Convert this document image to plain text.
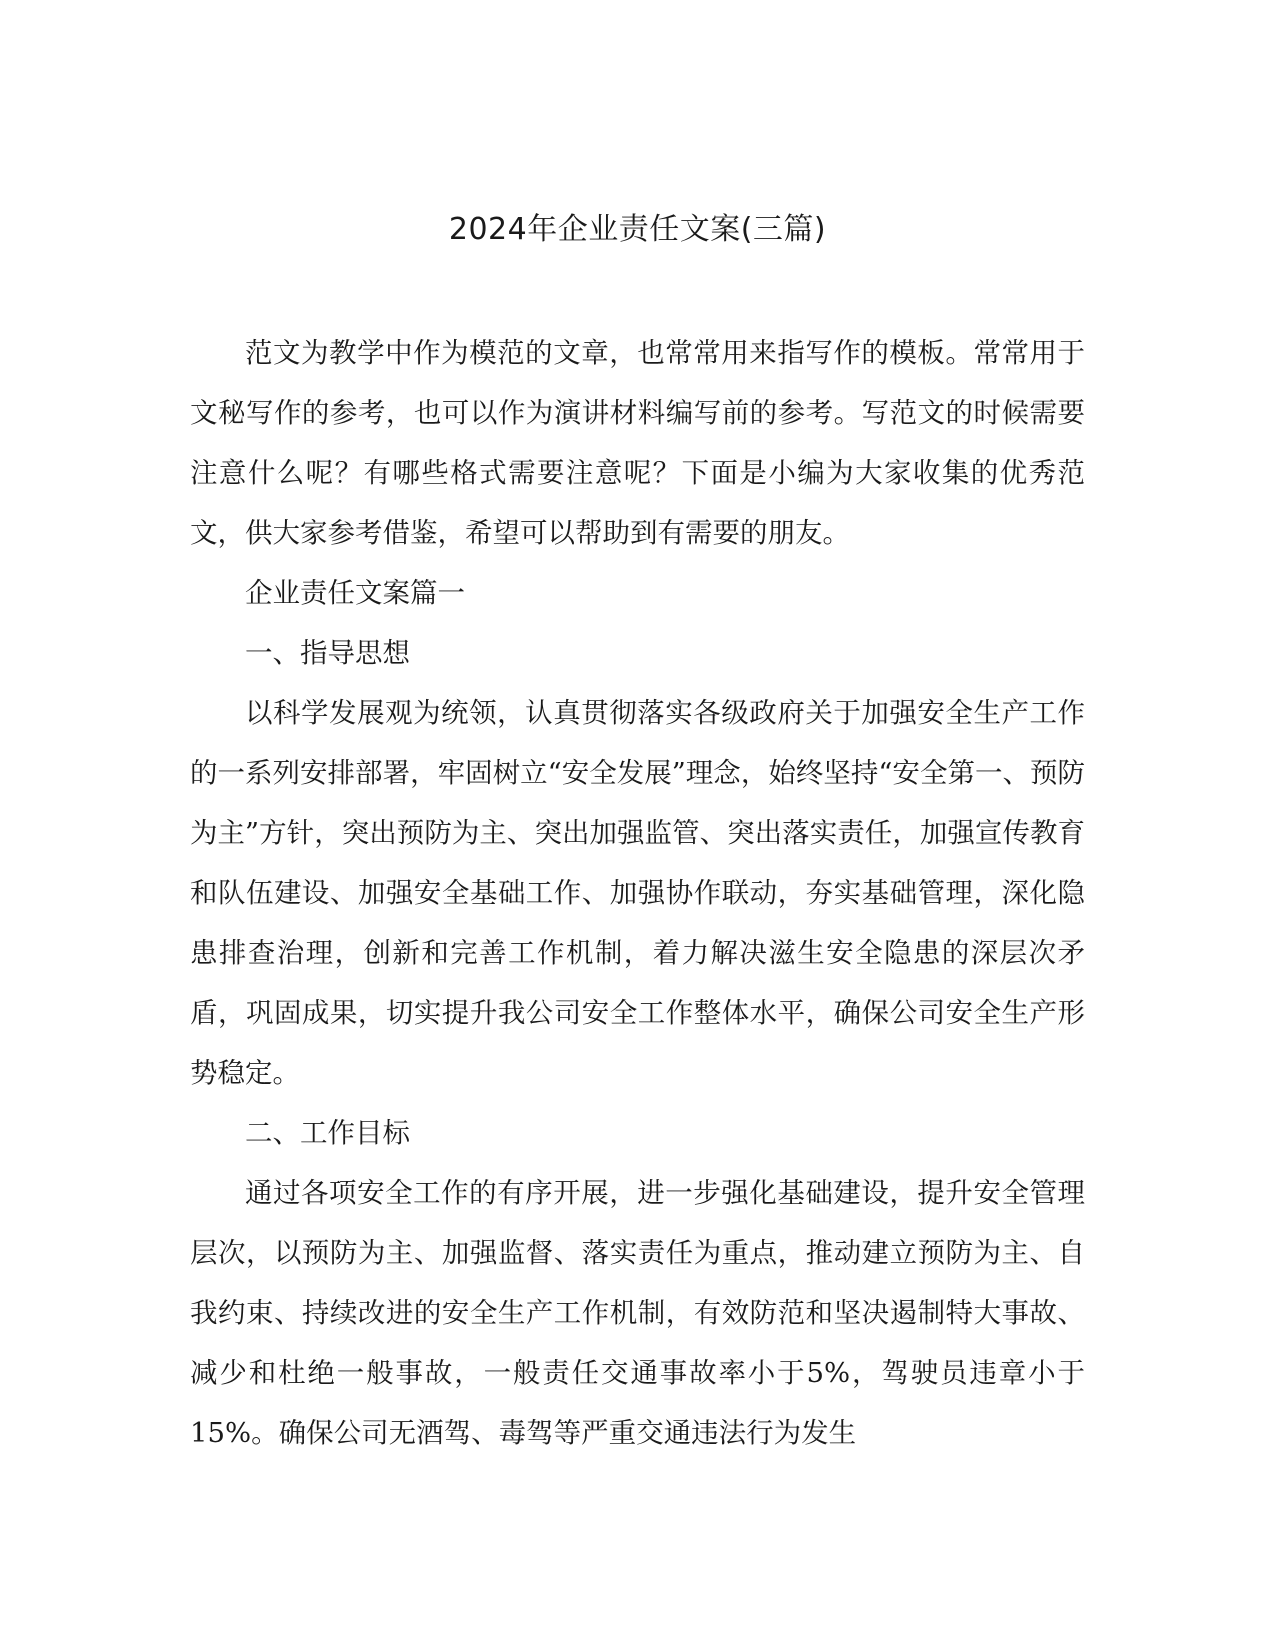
2024年企业责任文案(三篇)

范文为教学中作为模范的文章，也常常用来指写作的模板。常常用于文秘写作的参考，也可以作为演讲材料编写前的参考。写范文的时候需要注意什么呢？有哪些格式需要注意呢？下面是小编为大家收集的优秀范文，供大家参考借鉴，希望可以帮助到有需要的朋友。

企业责任文案篇一

一、指导思想

以科学发展观为统领，认真贯彻落实各级政府关于加强安全生产工作的一系列安排部署，牢固树立“安全发展”理念，始终坚持“安全第一、预防为主”方针，突出预防为主、突出加强监管、突出落实责任，加强宣传教育和队伍建设、加强安全基础工作、加强协作联动，夯实基础管理，深化隐患排查治理，创新和完善工作机制，着力解决滋生安全隐患的深层次矛盾，巩固成果，切实提升我公司安全工作整体水平，确保公司安全生产形势稳定。

二、工作目标

通过各项安全工作的有序开展，进一步强化基础建设，提升安全管理层次，以预防为主、加强监督、落实责任为重点，推动建立预防为主、自我约束、持续改进的安全生产工作机制，有效防范和坚决遏制特大事故、减少和杜绝一般事故，一般责任交通事故率小于5%，驾驶员违章小于15%。确保公司无酒驾、毒驾等严重交通违法行为发生
